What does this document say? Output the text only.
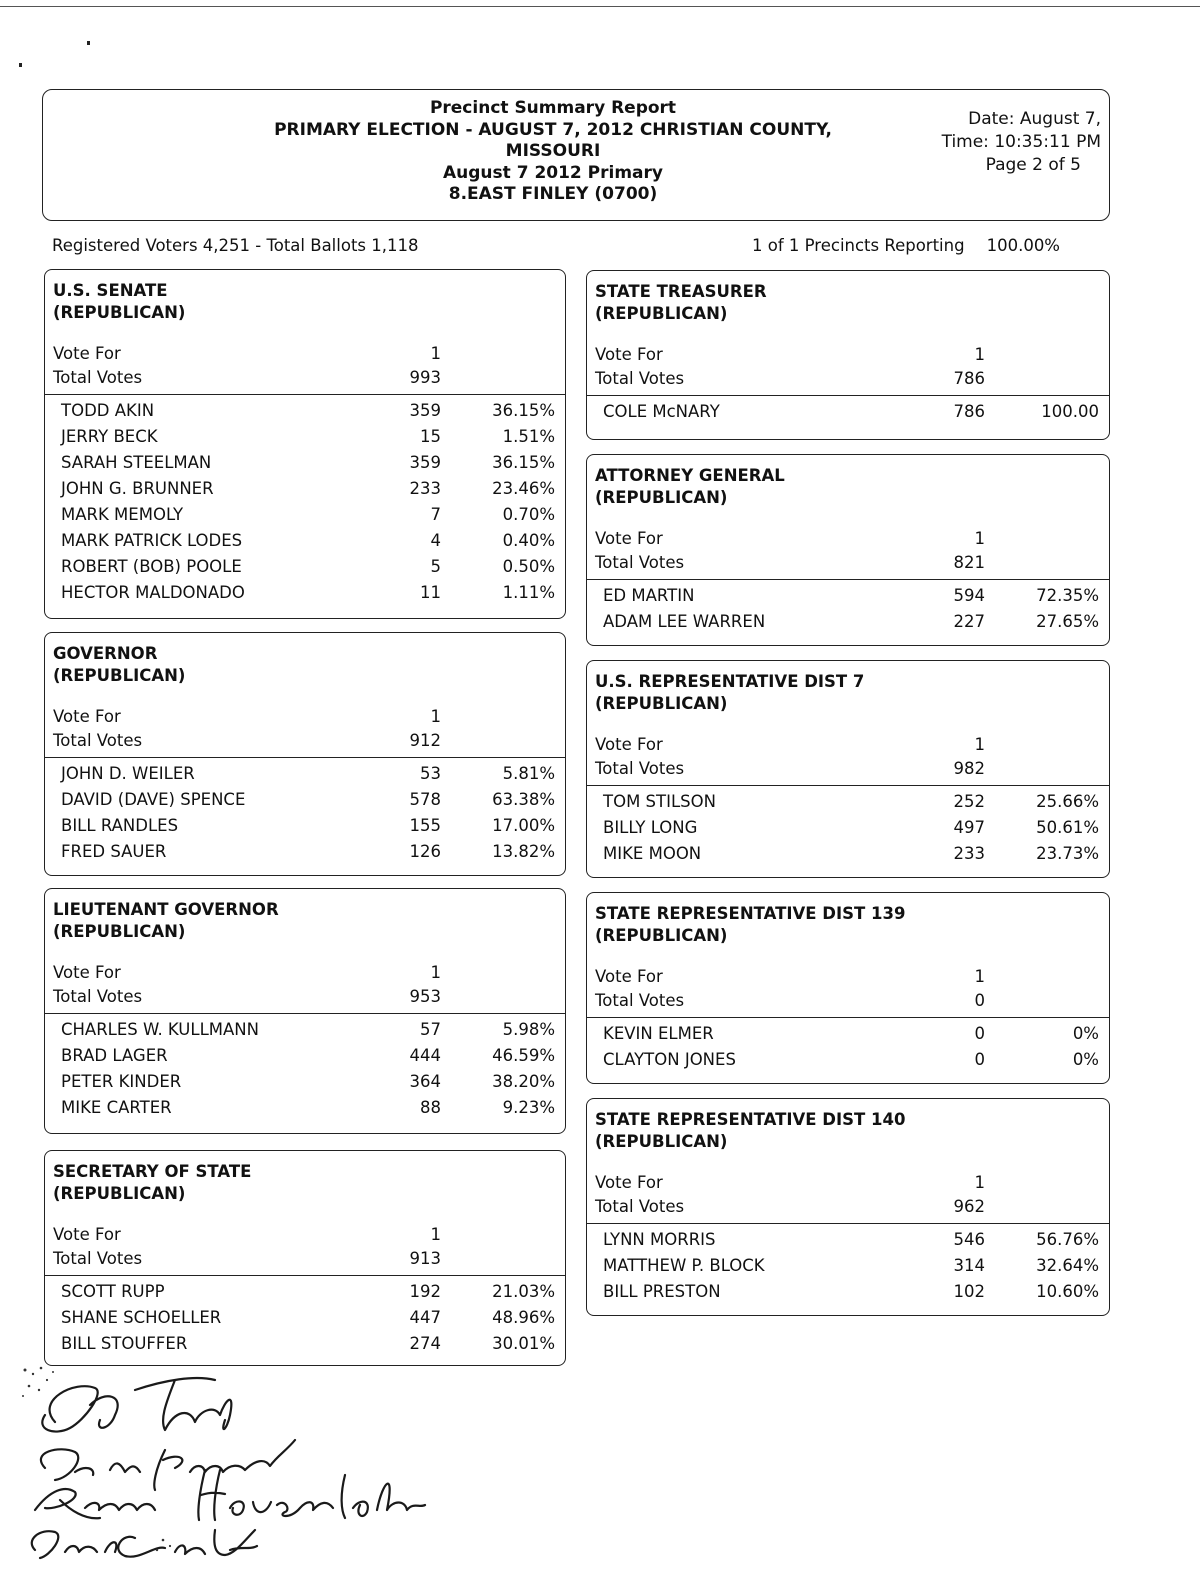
Precinct Summary Report
PRIMARY ELECTION - AUGUST 7, 2012 CHRISTIAN COUNTY,
MISSOURI
August 7 2012 Primary
8.EAST FINLEY (0700)
Date: August 7,
Time: 10:35:11 PM
Page 2 of 5
Registered Voters 4,251 - Total Ballots 1,118	1 of 1 Precincts Reporting 100.00%
U.S. SENATE
(REPUBLICAN)
Vote For	1
Total Votes	993
TODD AKIN	359	36.15%
JERRY BECK	15	1.51%
SARAH STEELMAN	359	36.15%
JOHN G. BRUNNER	233	23.46%
MARK MEMOLY	7	0.70%
MARK PATRICK LODES	4	0.40%
ROBERT (BOB) POOLE	5	0.50%
HECTOR MALDONADO	11	1.11%
GOVERNOR
(REPUBLICAN)
Vote For	1
Total Votes	912
JOHN D. WEILER	53	5.81%
DAVID (DAVE) SPENCE	578	63.38%
BILL RANDLES	155	17.00%
FRED SAUER	126	13.82%
LIEUTENANT GOVERNOR
(REPUBLICAN)
Vote For	1
Total Votes	953
CHARLES W. KULLMANN	57	5.98%
BRAD LAGER	444	46.59%
PETER KINDER	364	38.20%
MIKE CARTER	88	9.23%
SECRETARY OF STATE
(REPUBLICAN)
Vote For	1
Total Votes	913
SCOTT RUPP	192	21.03%
SHANE SCHOELLER	447	48.96%
BILL STOUFFER	274	30.01%
STATE TREASURER
(REPUBLICAN)
Vote For	1
Total Votes	786
COLE McNARY	786	100.00
ATTORNEY GENERAL
(REPUBLICAN)
Vote For	1
Total Votes	821
ED MARTIN	594	72.35%
ADAM LEE WARREN	227	27.65%
U.S. REPRESENTATIVE DIST 7
(REPUBLICAN)
Vote For	1
Total Votes	982
TOM STILSON	252	25.66%
BILLY LONG	497	50.61%
MIKE MOON	233	23.73%
STATE REPRESENTATIVE DIST 139
(REPUBLICAN)
Vote For	1
Total Votes	0
KEVIN ELMER	0	0%
CLAYTON JONES	0	0%
STATE REPRESENTATIVE DIST 140
(REPUBLICAN)
Vote For	1
Total Votes	962
LYNN MORRIS	546	56.76%
MATTHEW P. BLOCK	314	32.64%
BILL PRESTON	102	10.60%
